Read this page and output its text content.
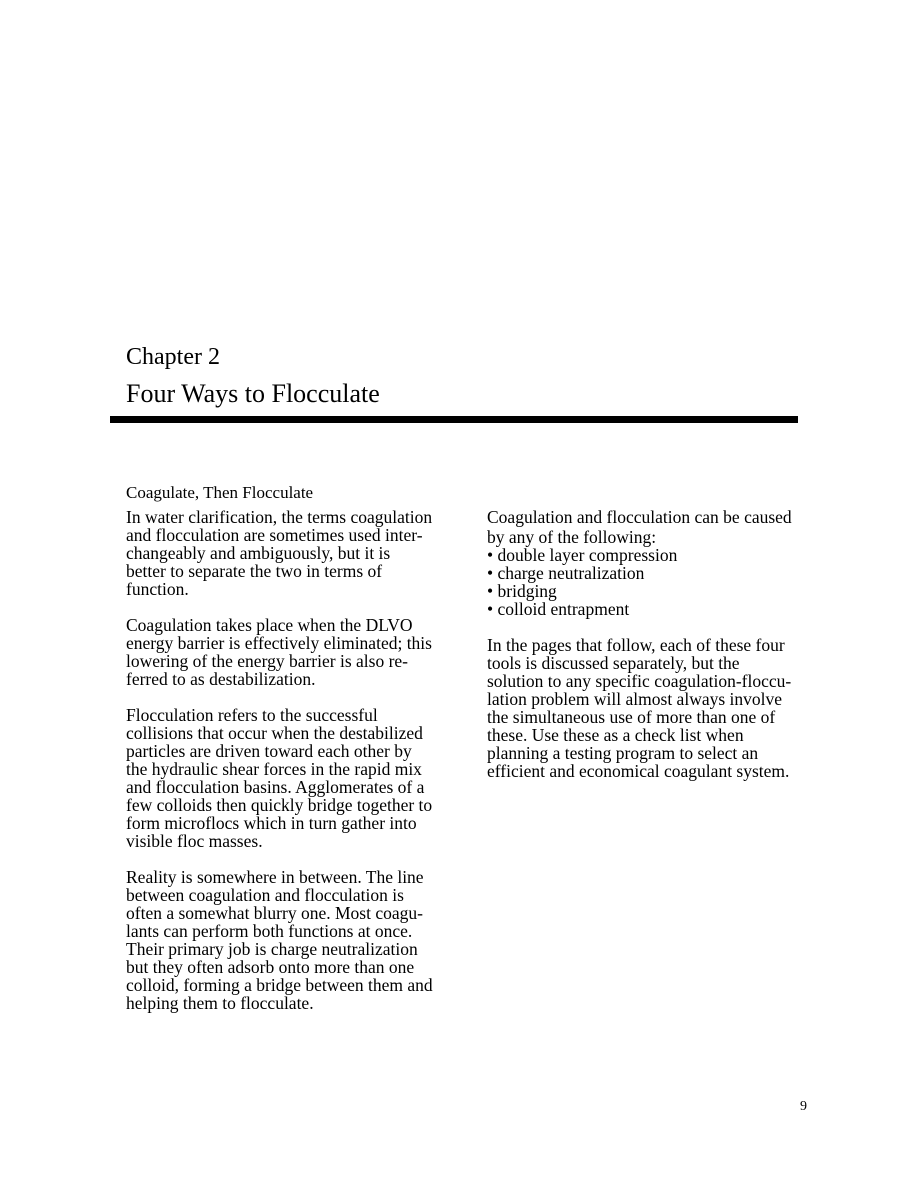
Chapter 2
Four Ways to Flocculate
Coagulate, Then Flocculate

In water clarification, the terms coagulation
and flocculation are sometimes used inter-
changeably and ambiguously, but it is
better to separate the two in terms of
function.

Coagulation takes place when the DLVO
energy barrier is effectively eliminated; this
lowering of the energy barrier is also re-
ferred to as destabilization.

Flocculation refers to the successful
collisions that occur when the destabilized
particles are driven toward each other by
the hydraulic shear forces in the rapid mix
and flocculation basins. Agglomerates of a
few colloids then quickly bridge together to
form microflocs which in turn gather into
visible floc masses.

Reality is somewhere in between. The line
between coagulation and flocculation is
often a somewhat blurry one. Most coagu-
lants can perform both functions at once.
Their primary job is charge neutralization
but they often adsorb onto more than one
colloid, forming a bridge between them and
helping them to flocculate.

Coagulation and flocculation can be caused
by any of the following:
• double layer compression
• charge neutralization
• bridging
• colloid entrapment

In the pages that follow, each of these four
tools is discussed separately, but the
solution to any specific coagulation-floccu-
lation problem will almost always involve
the simultaneous use of more than one of
these. Use these as a check list when
planning a testing program to select an
efficient and economical coagulant system.

9
